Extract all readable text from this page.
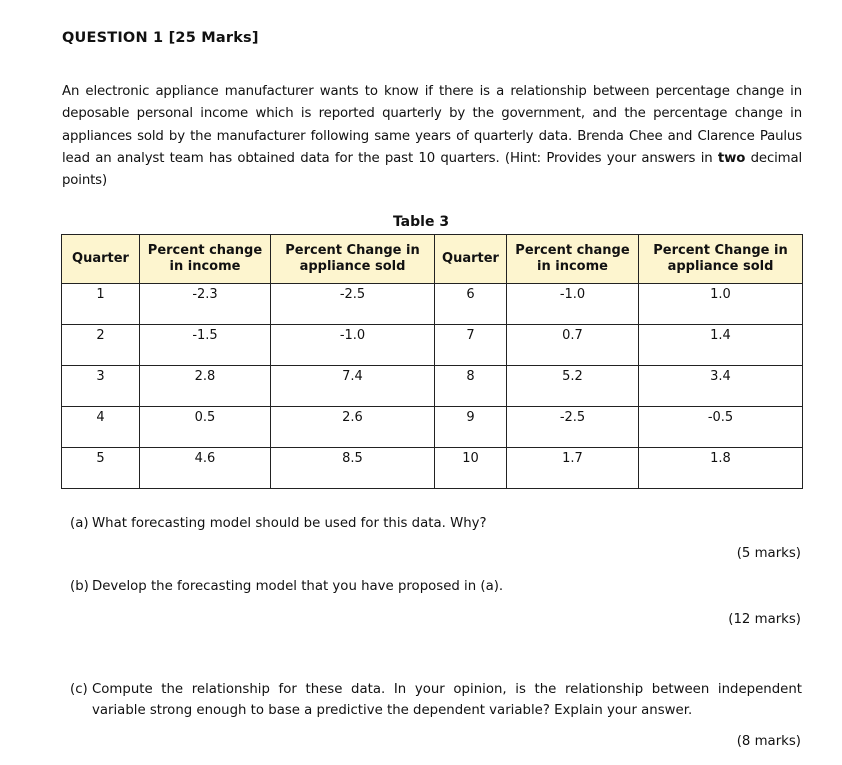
QUESTION 1 [25 Marks]
An electronic appliance manufacturer wants to know if there is a relationship between percentage change in deposable personal income which is reported quarterly by the government, and the percentage change in appliances sold by the manufacturer following same years of quarterly data. Brenda Chee and Clarence Paulus lead an analyst team has obtained data for the past 10 quarters. (Hint: Provides your answers in two decimal points)
Table 3
Quarter	Percent change in income	Percent Change in appliance sold	Quarter	Percent change in income	Percent Change in appliance sold
1	-2.3	-2.5	6	-1.0	1.0
2	-1.5	-1.0	7	0.7	1.4
3	2.8	7.4	8	5.2	3.4
4	0.5	2.6	9	-2.5	-0.5
5	4.6	8.5	10	1.7	1.8
(a) What forecasting model should be used for this data. Why?
(5 marks)
(b) Develop the forecasting model that you have proposed in (a).
(12 marks)
(c) Compute the relationship for these data. In your opinion, is the relationship between independent variable strong enough to base a predictive the dependent variable? Explain your answer.
(8 marks)
